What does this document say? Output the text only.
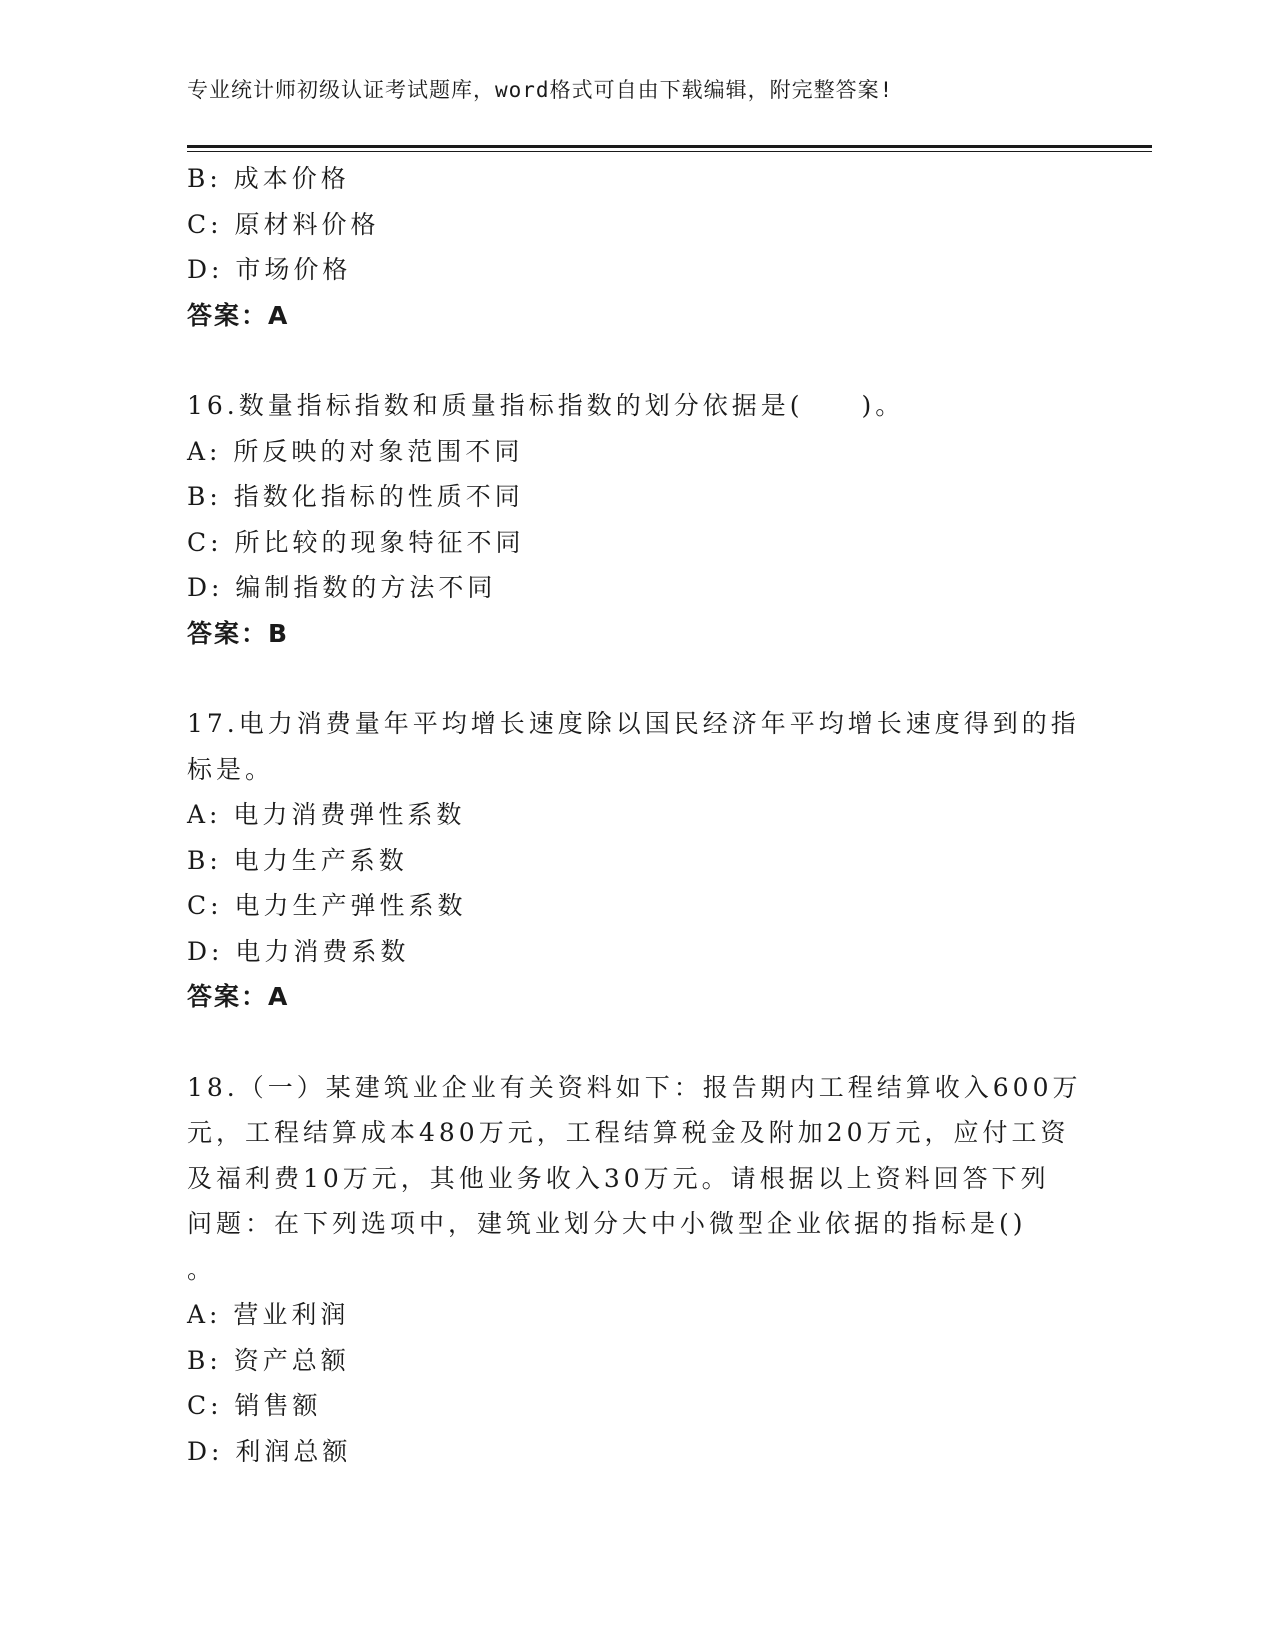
专业统计师初级认证考试题库，word格式可自由下载编辑，附完整答案!
B: 成本价格
C: 原材料价格
D: 市场价格
答案：A
16.数量指标指数和质量指标指数的划分依据是(　　)。
A: 所反映的对象范围不同
B: 指数化指标的性质不同
C: 所比较的现象特征不同
D: 编制指数的方法不同
答案：B
17.电力消费量年平均增长速度除以国民经济年平均增长速度得到的指
标是。
A: 电力消费弹性系数
B: 电力生产系数
C: 电力生产弹性系数
D: 电力消费系数
答案：A
18.（一）某建筑业企业有关资料如下：报告期内工程结算收入600万
元，工程结算成本480万元，工程结算税金及附加20万元，应付工资
及福利费10万元，其他业务收入30万元。请根据以上资料回答下列
问题：在下列选项中，建筑业划分大中小微型企业依据的指标是()
。
A: 营业利润
B: 资产总额
C: 销售额
D: 利润总额
